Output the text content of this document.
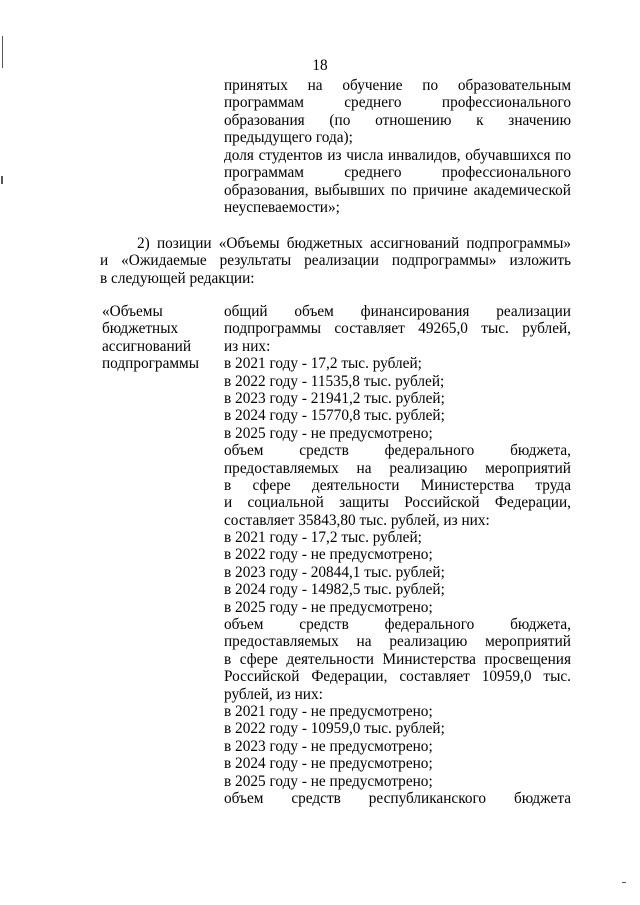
18
принятых на обучение по образовательным
программам среднего профессионального
образования (по отношению к значению
предыдущего года);
доля студентов из числа инвалидов, обучавшихся по
программам среднего профессионального
образования, выбывших по причине академической
неуспеваемости»;
2) позиции «Объемы бюджетных ассигнований подпрограммы»
и «Ожидаемые результаты реализации подпрограммы» изложить
в следующей редакции:
«Объемы
бюджетных
ассигнований
подпрограммы
общий объем финансирования реализации
подпрограммы составляет 49265,0 тыс. рублей,
из них:
в 2021 году - 17,2 тыс. рублей;
в 2022 году - 11535,8 тыс. рублей;
в 2023 году - 21941,2 тыс. рублей;
в 2024 году - 15770,8 тыс. рублей;
в 2025 году - не предусмотрено;
объем средств федерального бюджета,
предоставляемых на реализацию мероприятий
в сфере деятельности Министерства труда
и социальной защиты Российской Федерации,
составляет 35843,80 тыс. рублей, из них:
в 2021 году - 17,2 тыс. рублей;
в 2022 году - не предусмотрено;
в 2023 году - 20844,1 тыс. рублей;
в 2024 году - 14982,5 тыс. рублей;
в 2025 году - не предусмотрено;
объем средств федерального бюджета,
предоставляемых на реализацию мероприятий
в сфере деятельности Министерства просвещения
Российской Федерации, составляет 10959,0 тыс.
рублей, из них:
в 2021 году - не предусмотрено;
в 2022 году - 10959,0 тыс. рублей;
в 2023 году - не предусмотрено;
в 2024 году - не предусмотрено;
в 2025 году - не предусмотрено;
объем средств республиканского бюджета
